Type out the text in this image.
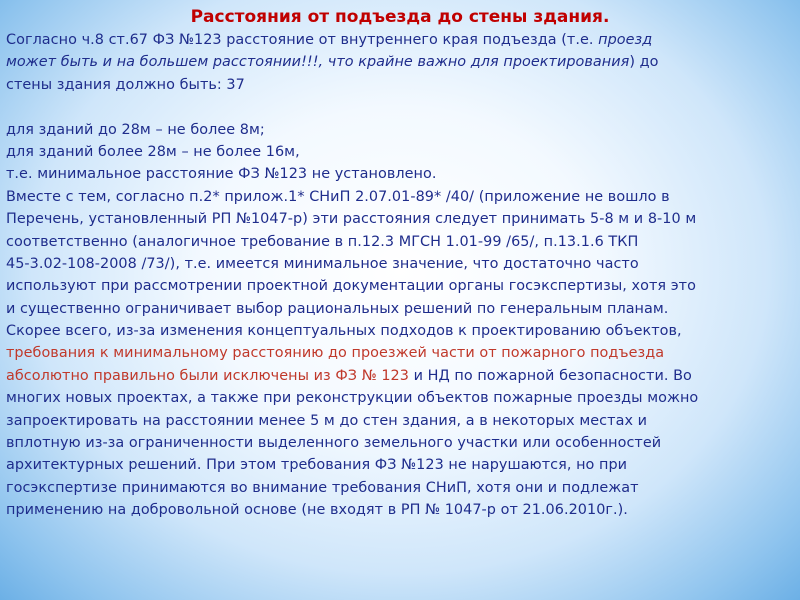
Расстояния от подъезда до стены здания.
Согласно ч.8 ст.67 ФЗ №123 расстояние от внутреннего края подъезда (т.е. проезд
может быть и на большем расстоянии!!!, что крайне важно для проектирования) до
стены здания должно быть: 37
для зданий до 28м – не более 8м;
для зданий более 28м – не более 16м,
т.е. минимальное расстояние ФЗ №123 не установлено.
Вместе с тем, согласно п.2* прилож.1* СНиП 2.07.01-89* /40/ (приложение не вошло в
Перечень, установленный РП №1047-р) эти расстояния следует принимать 5-8 м и 8-10 м
соответственно (аналогичное требование в п.12.3 МГСН 1.01-99 /65/, п.13.1.6 ТКП
45-3.02-108-2008 /73/), т.е. имеется минимальное значение, что достаточно часто
используют при рассмотрении проектной документации органы госэкспертизы, хотя это
и существенно ограничивает выбор рациональных решений по генеральным планам.
Скорее всего, из-за изменения концептуальных подходов к проектированию объектов,
требования к минимальному расстоянию до проезжей части от пожарного подъезда
абсолютно правильно были исключены из ФЗ № 123 и НД по пожарной безопасности. Во
многих новых проектах, а также при реконструкции объектов пожарные проезды можно
запроектировать на расстоянии менее 5 м до стен здания, а в некоторых местах и
вплотную из-за ограниченности выделенного земельного участки или особенностей
архитектурных решений. При этом требования ФЗ №123 не нарушаются, но при
госэкспертизе принимаются во внимание требования СНиП, хотя они и подлежат
применению на добровольной основе (не входят в РП № 1047-р от 21.06.2010г.).
